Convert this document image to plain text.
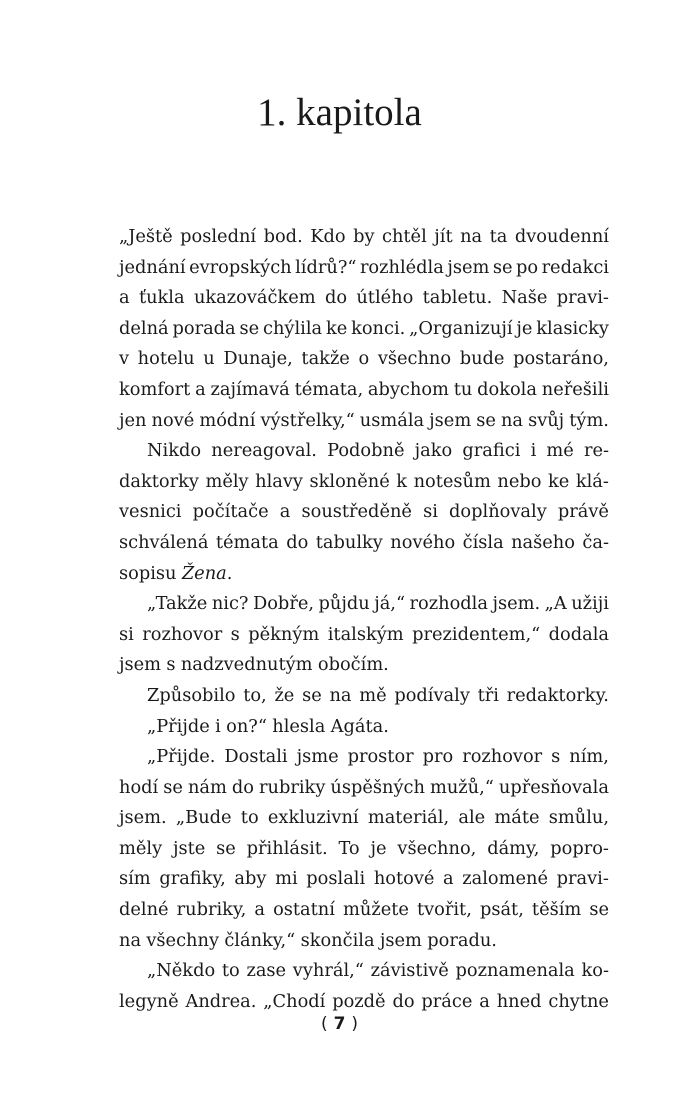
1. kapitola
„Ještě poslední bod. Kdo by chtěl jít na ta dvoudenní
jednání evropských lídrů?“ rozhlédla jsem se po redakci
a ťukla ukazováčkem do útlého tabletu. Naše pravi-
delná porada se chýlila ke konci. „Organizují je klasicky
v hotelu u Dunaje, takže o všechno bude postaráno,
komfort a zajímavá témata, abychom tu dokola neřešili
jen nové módní výstřelky,“ usmála jsem se na svůj tým.
Nikdo nereagoval. Podobně jako grafici i mé re-
daktorky měly hlavy skloněné k notesům nebo ke klá-
vesnici počítače a soustředěně si doplňovaly právě
schválená témata do tabulky nového čísla našeho ča-
sopisu Žena.
„Takže nic? Dobře, půjdu já,“ rozhodla jsem. „A užiji
si rozhovor s pěkným italským prezidentem,“ dodala
jsem s nadzvednutým obočím.
Způsobilo to, že se na mě podívaly tři redaktorky.
„Přijde i on?“ hlesla Agáta.
„Přijde. Dostali jsme prostor pro rozhovor s ním,
hodí se nám do rubriky úspěšných mužů,“ upřesňovala
jsem. „Bude to exkluzivní materiál, ale máte smůlu,
měly jste se přihlásit. To je všechno, dámy, popro-
sím grafiky, aby mi poslali hotové a zalomené pravi-
delné rubriky, a ostatní můžete tvořit, psát, těším se
na všechny články,“ skončila jsem poradu.
„Někdo to zase vyhrál,“ závistivě poznamenala ko-
legyně Andrea. „Chodí pozdě do práce a hned chytne
( 7 )
